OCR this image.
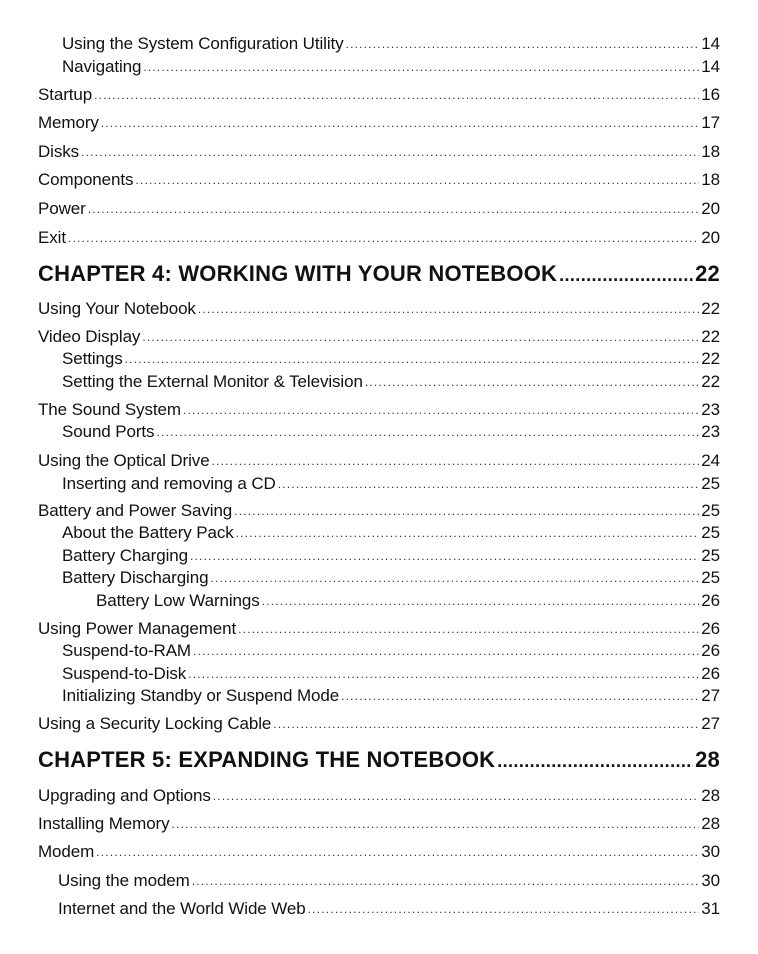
Using the System Configuration Utility .....	14
Navigating .....	14
Startup .....	16
Memory .....	17
Disks .....	18
Components .....	18
Power .....	20
Exit .....	20
CHAPTER 4: WORKING WITH YOUR NOTEBOOK .....	22
Using Your Notebook .....	22
Video Display .....	22
Settings .....	22
Setting the External Monitor & Television .....	22
The Sound System .....	23
Sound Ports .....	23
Using the Optical Drive .....	24
Inserting and removing a CD .....	25
Battery and Power Saving .....	25
About the Battery Pack .....	25
Battery Charging .....	25
Battery Discharging .....	25
Battery Low Warnings .....	26
Using Power Management .....	26
Suspend-to-RAM .....	26
Suspend-to-Disk .....	26
Initializing Standby or Suspend Mode .....	27
Using a Security Locking Cable .....	27
CHAPTER 5: EXPANDING THE NOTEBOOK .....	28
Upgrading and Options .....	28
Installing Memory .....	28
Modem .....	30
Using the modem .....	30
Internet and the World Wide Web .....	31
